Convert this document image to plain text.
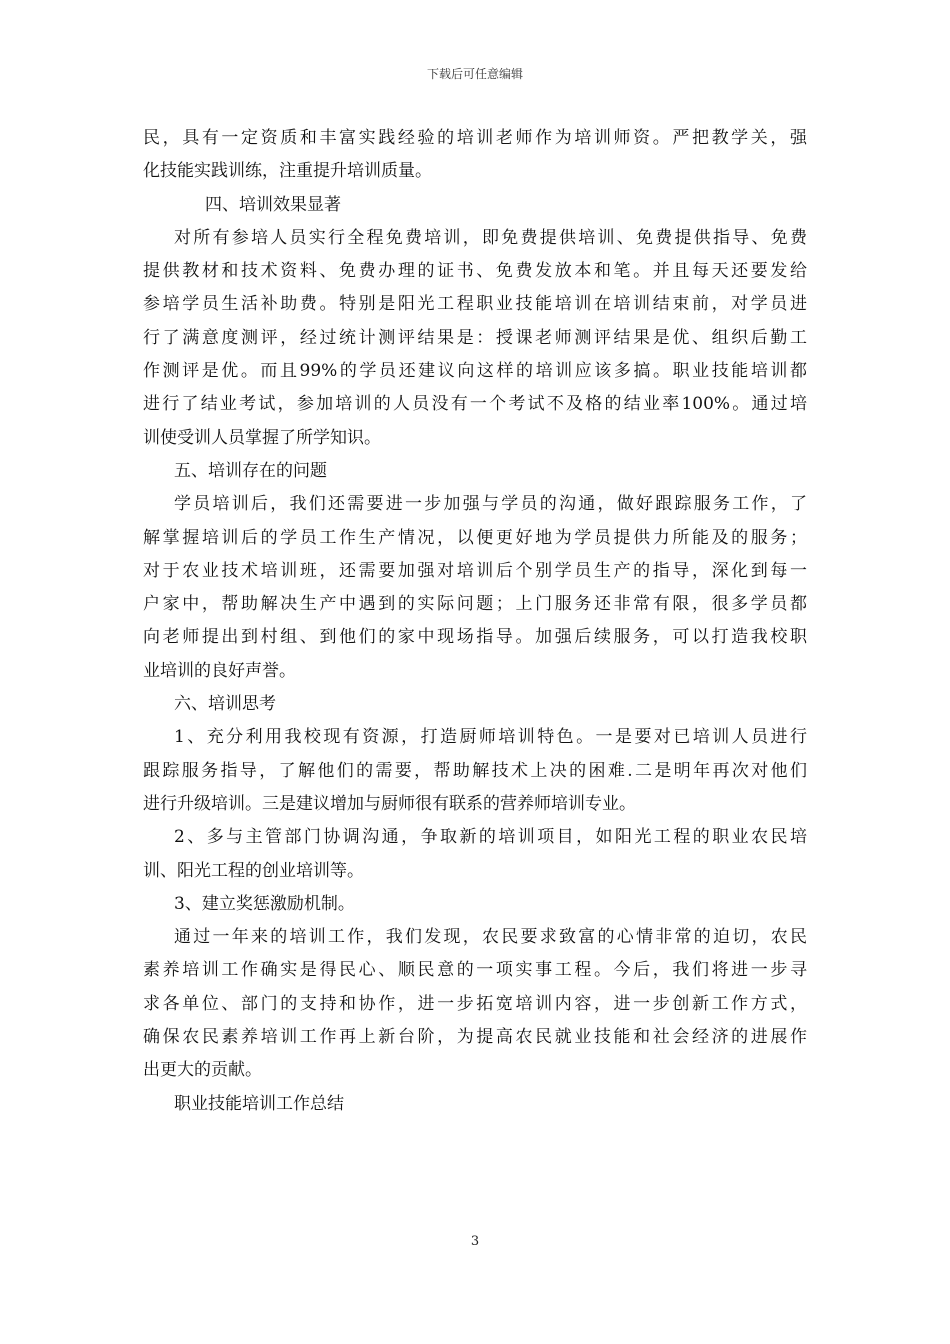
下载后可任意编辑
民，具有一定资质和丰富实践经验的培训老师作为培训师资。严把教学关，强
化技能实践训练，注重提升培训质量。
四、培训效果显著
对所有参培人员实行全程免费培训，即免费提供培训、免费提供指导、免费
提供教材和技术资料、免费办理的证书、免费发放本和笔。并且每天还要发给
参培学员生活补助费。特别是阳光工程职业技能培训在培训结束前，对学员进
行了满意度测评，经过统计测评结果是：授课老师测评结果是优、组织后勤工
作测评是优。而且99%的学员还建议向这样的培训应该多搞。职业技能培训都
进行了结业考试，参加培训的人员没有一个考试不及格的结业率100%。通过培
训使受训人员掌握了所学知识。
五、培训存在的问题
学员培训后，我们还需要进一步加强与学员的沟通，做好跟踪服务工作，了
解掌握培训后的学员工作生产情况，以便更好地为学员提供力所能及的服务；
对于农业技术培训班，还需要加强对培训后个别学员生产的指导，深化到每一
户家中，帮助解决生产中遇到的实际问题；上门服务还非常有限，很多学员都
向老师提出到村组、到他们的家中现场指导。加强后续服务，可以打造我校职
业培训的良好声誉。
六、培训思考
1、充分利用我校现有资源，打造厨师培训特色。一是要对已培训人员进行
跟踪服务指导，了解他们的需要，帮助解技术上决的困难.二是明年再次对他们
进行升级培训。三是建议增加与厨师很有联系的营养师培训专业。
2、多与主管部门协调沟通，争取新的培训项目，如阳光工程的职业农民培
训、阳光工程的创业培训等。
3、建立奖惩激励机制。
通过一年来的培训工作，我们发现，农民要求致富的心情非常的迫切，农民
素养培训工作确实是得民心、顺民意的一项实事工程。今后，我们将进一步寻
求各单位、部门的支持和协作，进一步拓宽培训内容，进一步创新工作方式，
确保农民素养培训工作再上新台阶，为提高农民就业技能和社会经济的进展作
出更大的贡献。
职业技能培训工作总结
3
